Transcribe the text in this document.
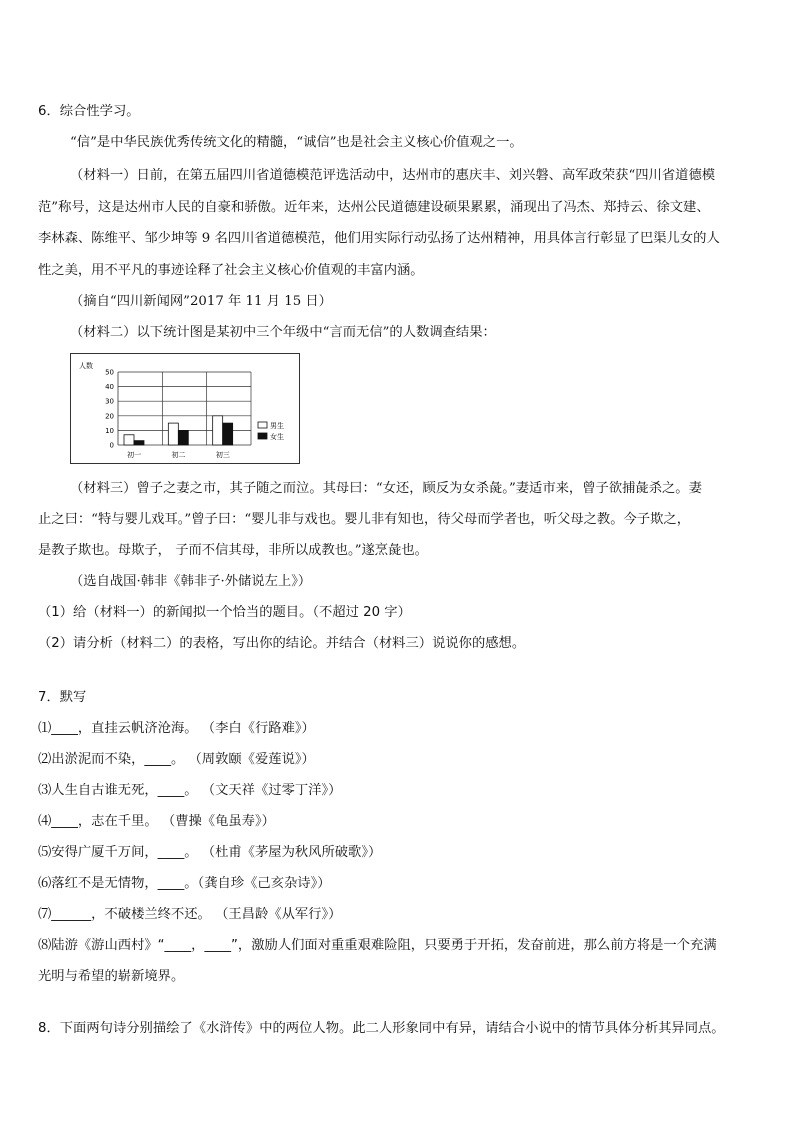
6．综合性学习。
“信”是中华民族优秀传统文化的精髓，“诚信”也是社会主义核心价值观之一。
（材料一）日前，在第五届四川省道德模范评选活动中，达州市的惠庆丰、刘兴磐、高军政荣获“四川省道德模
范”称号，这是达州市人民的自豪和骄傲。近年来，达州公民道德建设硕果累累，涌现出了冯杰、郑持云、徐文建、
李林森、陈维平、邹少坤等 9 名四川省道德模范，他们用实际行动弘扬了达州精神，用具体言行彰显了巴渠儿女的人
性之美，用不平凡的事迹诠释了社会主义核心价值观的丰富内涵。
（摘自“四川新闻网”2017 年 11 月 15 日）
（材料二）以下统计图是某初中三个年级中“言而无信”的人数调查结果：
人数
0
10
20
30
40
50
初一	初二	初三
男生
女生
（材料三）曾子之妻之市，其子随之而泣。其母曰：“女还，顾反为女杀彘。”妻适市来，曾子欲捕彘杀之。妻
止之曰：“特与婴儿戏耳。”曾子曰：“婴儿非与戏也。婴儿非有知也，待父母而学者也，听父母之教。今子欺之，
是教子欺也。母欺子， 子而不信其母，非所以成教也。”遂烹彘也。
（选自战国·韩非《韩非子·外储说左上》）
（1）给（材料一）的新闻拟一个恰当的题目。（不超过 20 字）
（2）请分析（材料二）的表格，写出你的结论。并结合（材料三）说说你的感想。
7．默写
⑴____，直挂云帆济沧海。 （李白《行路难》）
⑵出淤泥而不染，____。 （周敦颐《爱莲说》）
⑶人生自古谁无死，____。 （文天祥《过零丁洋》）
⑷____，志在千里。 （曹操《龟虽寿》）
⑸安得广厦千万间，____。 （杜甫《茅屋为秋风所破歌》）
⑹落红不是无情物，____。（龚自珍《己亥杂诗》）
⑺______，不破楼兰终不还。 （王昌龄《从军行》）
⑻陆游《游山西村》“____，____”，激励人们面对重重艰难险阻，只要勇于开拓，发奋前进，那么前方将是一个充满
光明与希望的崭新境界。
8．下面两句诗分别描绘了《水浒传》中的两位人物。此二人形象同中有异，请结合小说中的情节具体分析其异同点。
